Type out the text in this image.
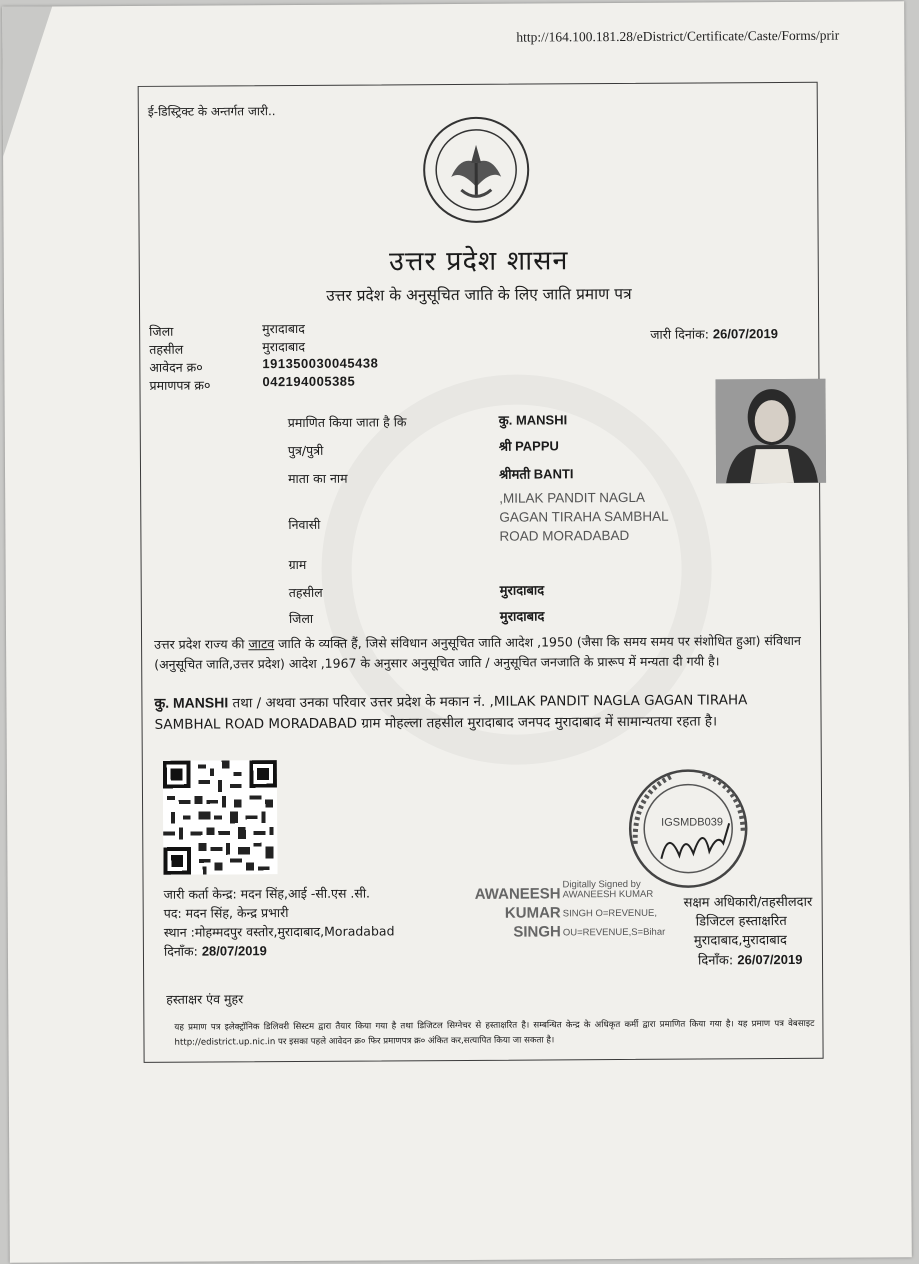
http://164.100.181.28/eDistrict/Certificate/Caste/Forms/prir
ई-डिस्ट्रिक्ट के अन्तर्गत जारी..
उत्तर प्रदेश शासन
उत्तर प्रदेश के अनुसूचित जाति के लिए जाति प्रमाण पत्र
जिला	मुरादाबाद
तहसील	मुरादाबाद
आवेदन क्र०	191350030045438
प्रमाणपत्र क्र०	042194005385
जारी दिनांक: 26/07/2019
प्रमाणित किया जाता है कि	कु. MANSHI
पुत्र/पुत्री	श्री PAPPU
माता का नाम	श्रीमती BANTI
निवासी
,MILAK PANDIT NAGLA
GAGAN TIRAHA SAMBHAL
ROAD MORADABAD
ग्राम
तहसील	मुरादाबाद
जिला	मुरादाबाद
उत्तर प्रदेश राज्य की जाटव जाति के व्यक्ति हैं, जिसे संविधान अनुसूचित जाति आदेश ,1950 (जैसा कि समय समय पर संशोधित हुआ) संविधान (अनुसूचित जाति,उत्तर प्रदेश) आदेश ,1967 के अनुसार अनुसूचित जाति / अनुसूचित जनजाति के प्रारूप में मन्यता दी गयी है।
कु. MANSHI तथा / अथवा उनका परिवार उत्तर प्रदेश के मकान नं. ,MILAK PANDIT NAGLA GAGAN TIRAHA SAMBHAL ROAD MORADABAD ग्राम मोहल्ला तहसील मुरादाबाद जनपद मुरादाबाद में सामान्यतया रहता है।
IGSMDB039
जारी कर्ता केन्द्र: मदन सिंह,आई -सी.एस .सी.
पद: मदन सिंह, केन्द्र प्रभारी
स्थान :मोहम्मदपुर वस्तोर,मुरादाबाद,Moradabad
दिनाँक: 28/07/2019
AWANEESH
KUMAR
SINGH
Digitally Signed by
AWANEESH KUMAR
SINGH O=REVENUE,
OU=REVENUE,S=Bihar
सक्षम अधिकारी/तहसीलदार
डिजिटल हस्ताक्षरित
मुरादाबाद,मुरादाबाद
दिनाँक: 26/07/2019
हस्ताक्षर एंव मुहर
यह प्रमाण पत्र इलेक्ट्रॉनिक डिलिवरी सिस्टम द्वारा तैयार किया गया है तथा डिजिटल सिग्नेचर से हस्ताक्षरित है। सम्बन्धित केन्द्र के अधिकृत कर्मी द्वारा प्रमाणित किया गया है। यह प्रमाण पत्र वेबसाइट http://edistrict.up.nic.in पर इसका पहले आवेदन क्र० फिर प्रमाणपत्र क्र० अंकित कर,सत्यापित किया जा सकता है।
